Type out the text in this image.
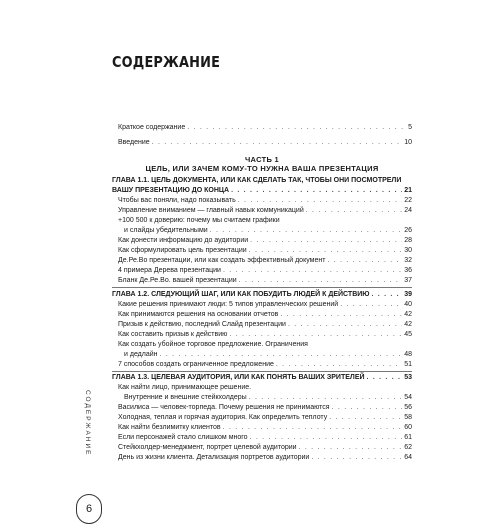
СОДЕРЖАНИЕ
Краткое содержание . . .	5
Введение . . .	10
ЧАСТЬ 1
ЦЕЛЬ, ИЛИ ЗАЧЕМ КОМУ-ТО НУЖНА ВАША ПРЕЗЕНТАЦИЯ
ГЛАВА 1.1. ЦЕЛЬ ДОКУМЕНТА, ИЛИ КАК СДЕЛАТЬ ТАК, ЧТОБЫ ОНИ ПОСМОТРЕЛИ
ВАШУ ПРЕЗЕНТАЦИЮ ДО КОНЦА . . .	21
Чтобы вас поняли, надо показывать . . .	22
Управление вниманием — главный навык коммуникаций . . .	24
+100 500 к доверию: почему мы считаем графики
и слайды убедительными . . .	26
Как донести информацию до аудитории . . .	28
Как сформулировать цель презентации . . .	30
Де.Ре.Во презентации, или как создать эффективный документ . . .	32
4 примера Дерева презентации . . .	36
Бланк Де.Ре.Во. вашей презентации . . .	37
ГЛАВА 1.2. СЛЕДУЮЩИЙ ШАГ, ИЛИ КАК ПОБУДИТЬ ЛЮДЕЙ К ДЕЙСТВИЮ . . .	39
Какие решения принимают люди: 5 типов управленческих решений . . .	40
Как принимаются решения на основании отчетов . . .	42
Призыв к действию, последний Слайд презентации . . .	42
Как составить призыв к действию . . .	45
Как создать убойное торговое предложение. Ограничения
и дедлайн . . .	48
7 способов создать ограниченное предложение . . .	51
ГЛАВА 1.3. ЦЕЛЕВАЯ АУДИТОРИЯ, ИЛИ КАК ПОНЯТЬ ВАШИХ ЗРИТЕЛЕЙ . . .	53
Как найти лицо, принимающее решение.
Внутренние и внешние стейкхолдеры . . .	54
Василиса — человек-торпеда. Почему решения не принимаются . . .	56
Холодная, теплая и горячая аудитория. Как определить теплоту . . .	58
Как найти безлимитку клиентов . . .	60
Если персонажей стало слишком много . . .	61
Стейкхолдер-менеджмент, портрет целевой аудитории . . .	62
День из жизни клиента. Детализация портретов аудитории . . .	64
СОДЕРЖАНИЕ
6
